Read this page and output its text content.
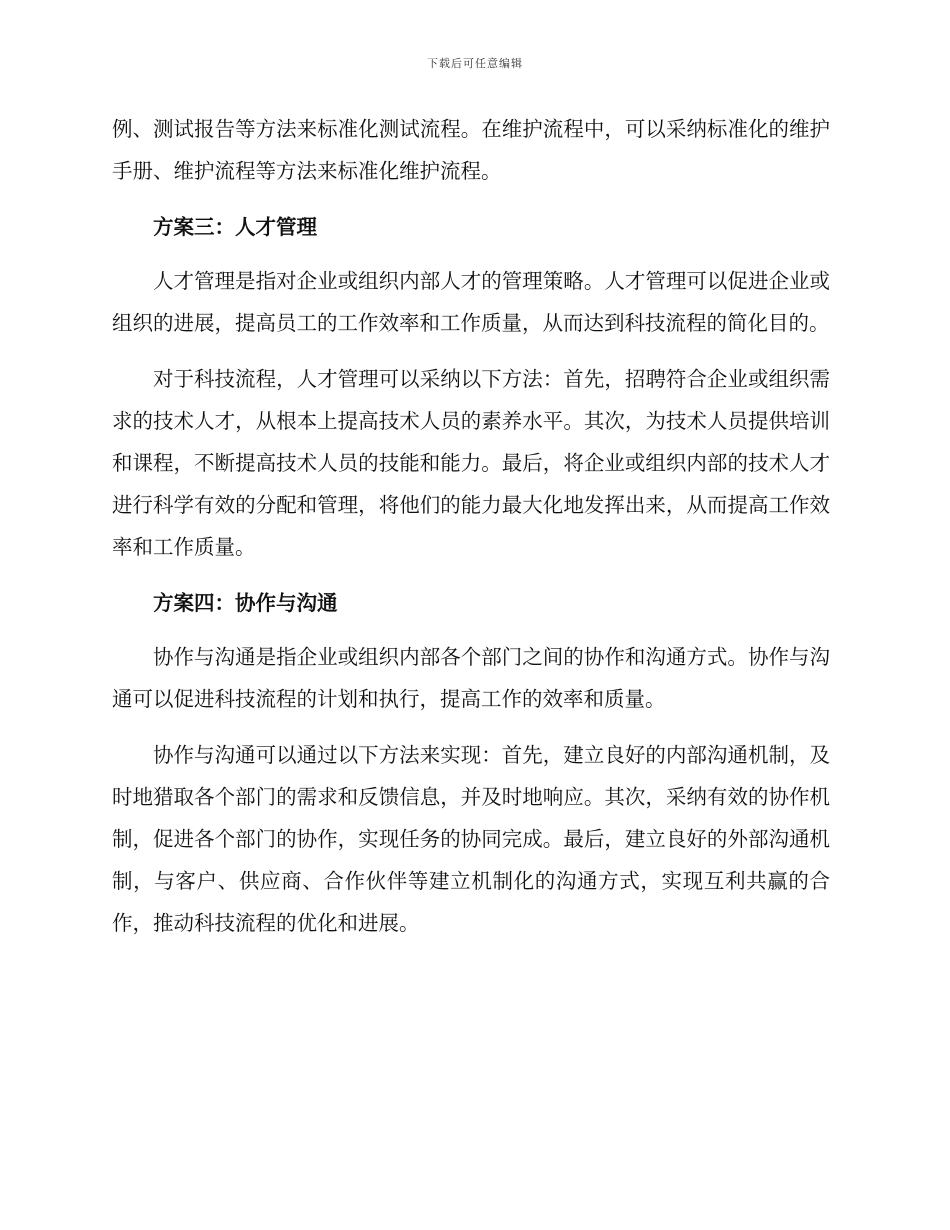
下载后可任意编辑

例、测试报告等方法来标准化测试流程。在维护流程中，可以采纳标准化的维护手册、维护流程等方法来标准化维护流程。

方案三：人才管理

人才管理是指对企业或组织内部人才的管理策略。人才管理可以促进企业或组织的进展，提高员工的工作效率和工作质量，从而达到科技流程的简化目的。

对于科技流程，人才管理可以采纳以下方法：首先，招聘符合企业或组织需求的技术人才，从根本上提高技术人员的素养水平。其次，为技术人员提供培训和课程，不断提高技术人员的技能和能力。最后，将企业或组织内部的技术人才进行科学有效的分配和管理，将他们的能力最大化地发挥出来，从而提高工作效率和工作质量。

方案四：协作与沟通

协作与沟通是指企业或组织内部各个部门之间的协作和沟通方式。协作与沟通可以促进科技流程的计划和执行，提高工作的效率和质量。

协作与沟通可以通过以下方法来实现：首先，建立良好的内部沟通机制，及时地猎取各个部门的需求和反馈信息，并及时地响应。其次，采纳有效的协作机制，促进各个部门的协作，实现任务的协同完成。最后，建立良好的外部沟通机制，与客户、供应商、合作伙伴等建立机制化的沟通方式，实现互利共赢的合作，推动科技流程的优化和进展。
